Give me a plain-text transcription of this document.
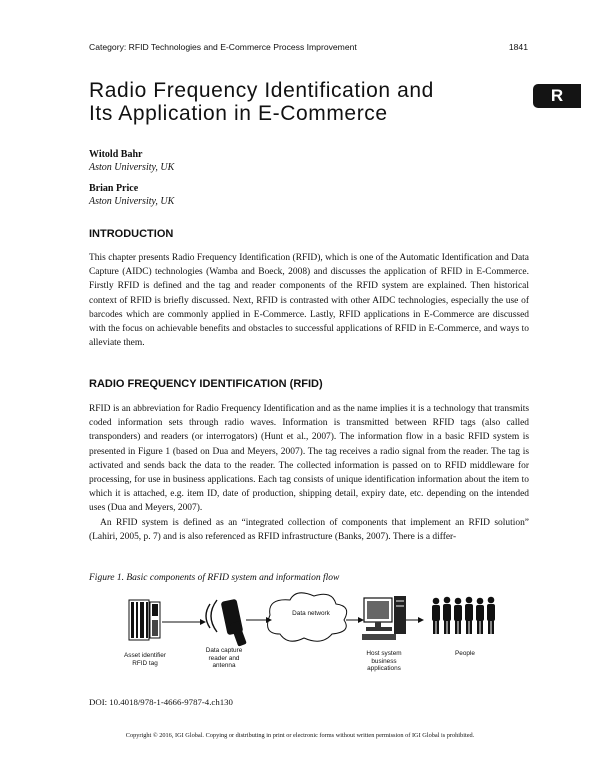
Category: RFID Technologies and E-Commerce Process Improvement	1841
R
Radio Frequency Identification and
Its Application in E-Commerce
Witold Bahr
Aston University, UK
Brian Price
Aston University, UK
INTRODUCTION

This chapter presents Radio Frequency Identification (RFID), which is one of the Automatic Identification and Data Capture (AIDC) technologies (Wamba and Boeck, 2008) and discusses the application of RFID in E-Commerce. Firstly RFID is defined and the tag and reader components of the RFID system are explained. Then historical context of RFID is briefly discussed. Next, RFID is contrasted with other AIDC technologies, especially the use of barcodes which are commonly applied in E-Commerce. Lastly, RFID applications in E-Commerce are discussed with the focus on achievable benefits and obstacles to successful applications of RFID in E-Commerce, and ways to alleviate them.

RADIO FREQUENCY IDENTIFICATION (RFID)

RFID is an abbreviation for Radio Frequency Identification and as the name implies it is a technology that transmits coded information sets through radio waves. Information is transmitted between RFID tags (also called transponders) and readers (or interrogators) (Hunt et al., 2007). The information flow in a basic RFID system is presented in Figure 1 (based on Dua and Meyers, 2007). The tag receives a radio signal from the reader. The tag is activated and sends back the data to the reader. The collected information is passed on to RFID middleware for processing, for use in business applications. Each tag consists of unique identification information about the item to which it is attached, e.g. item ID, date of production, shipping detail, expiry date, etc. depending on the intended uses (Dua and Meyers, 2007).

An RFID system is defined as an “integrated collection of components that implement an RFID solution” (Lahiri, 2005, p. 7) and is also referenced as RFID infrastructure (Banks, 2007). There is a differ-

Figure 1. Basic components of RFID system and information flow
Data network
Asset identifier RFID tag
Data capture reader and antenna
Host system business applications
People
DOI: 10.4018/978-1-4666-9787-4.ch130
Copyright © 2016, IGI Global. Copying or distributing in print or electronic forms without written permission of IGI Global is prohibited.
